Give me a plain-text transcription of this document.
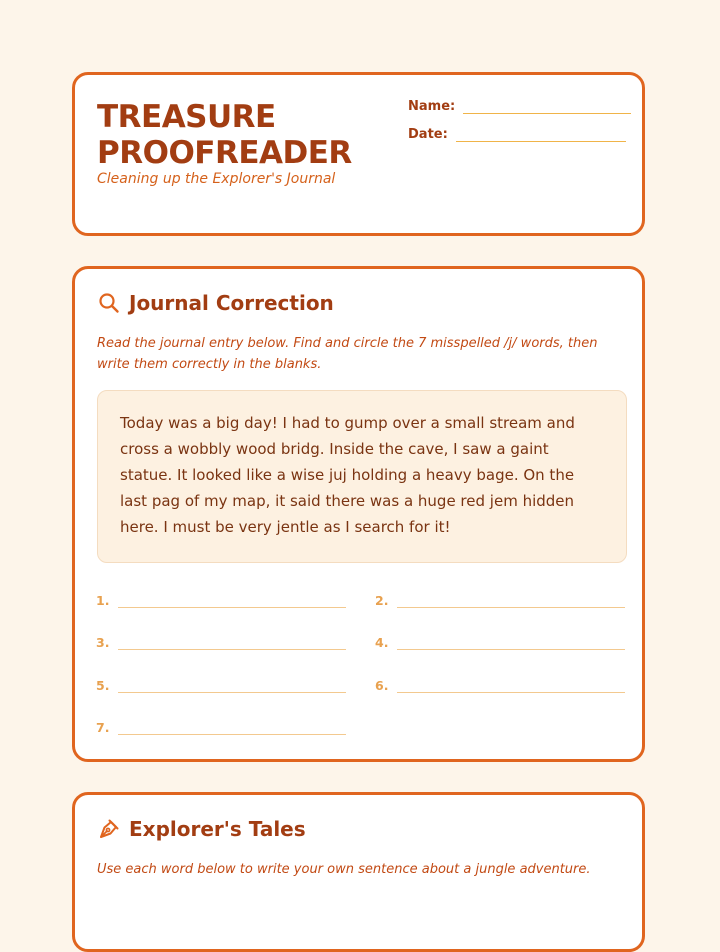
TREASURE
PROOFREADER

Cleaning up the Explorer's Journal

Name:
Date:
Journal Correction

Read the journal entry below. Find and circle the 7 misspelled /j/ words, then write them correctly in the blanks.

Today was a big day! I had to gump over a small stream and cross a wobbly wood bridg. Inside the cave, I saw a gaint statue. It looked like a wise juj holding a heavy bage. On the last pag of my map, it said there was a huge red jem hidden here. I must be very jentle as I search for it!

1.	2.
3.	4.
5.	6.
7.
Explorer's Tales

Use each word below to write your own sentence about a jungle adventure.
